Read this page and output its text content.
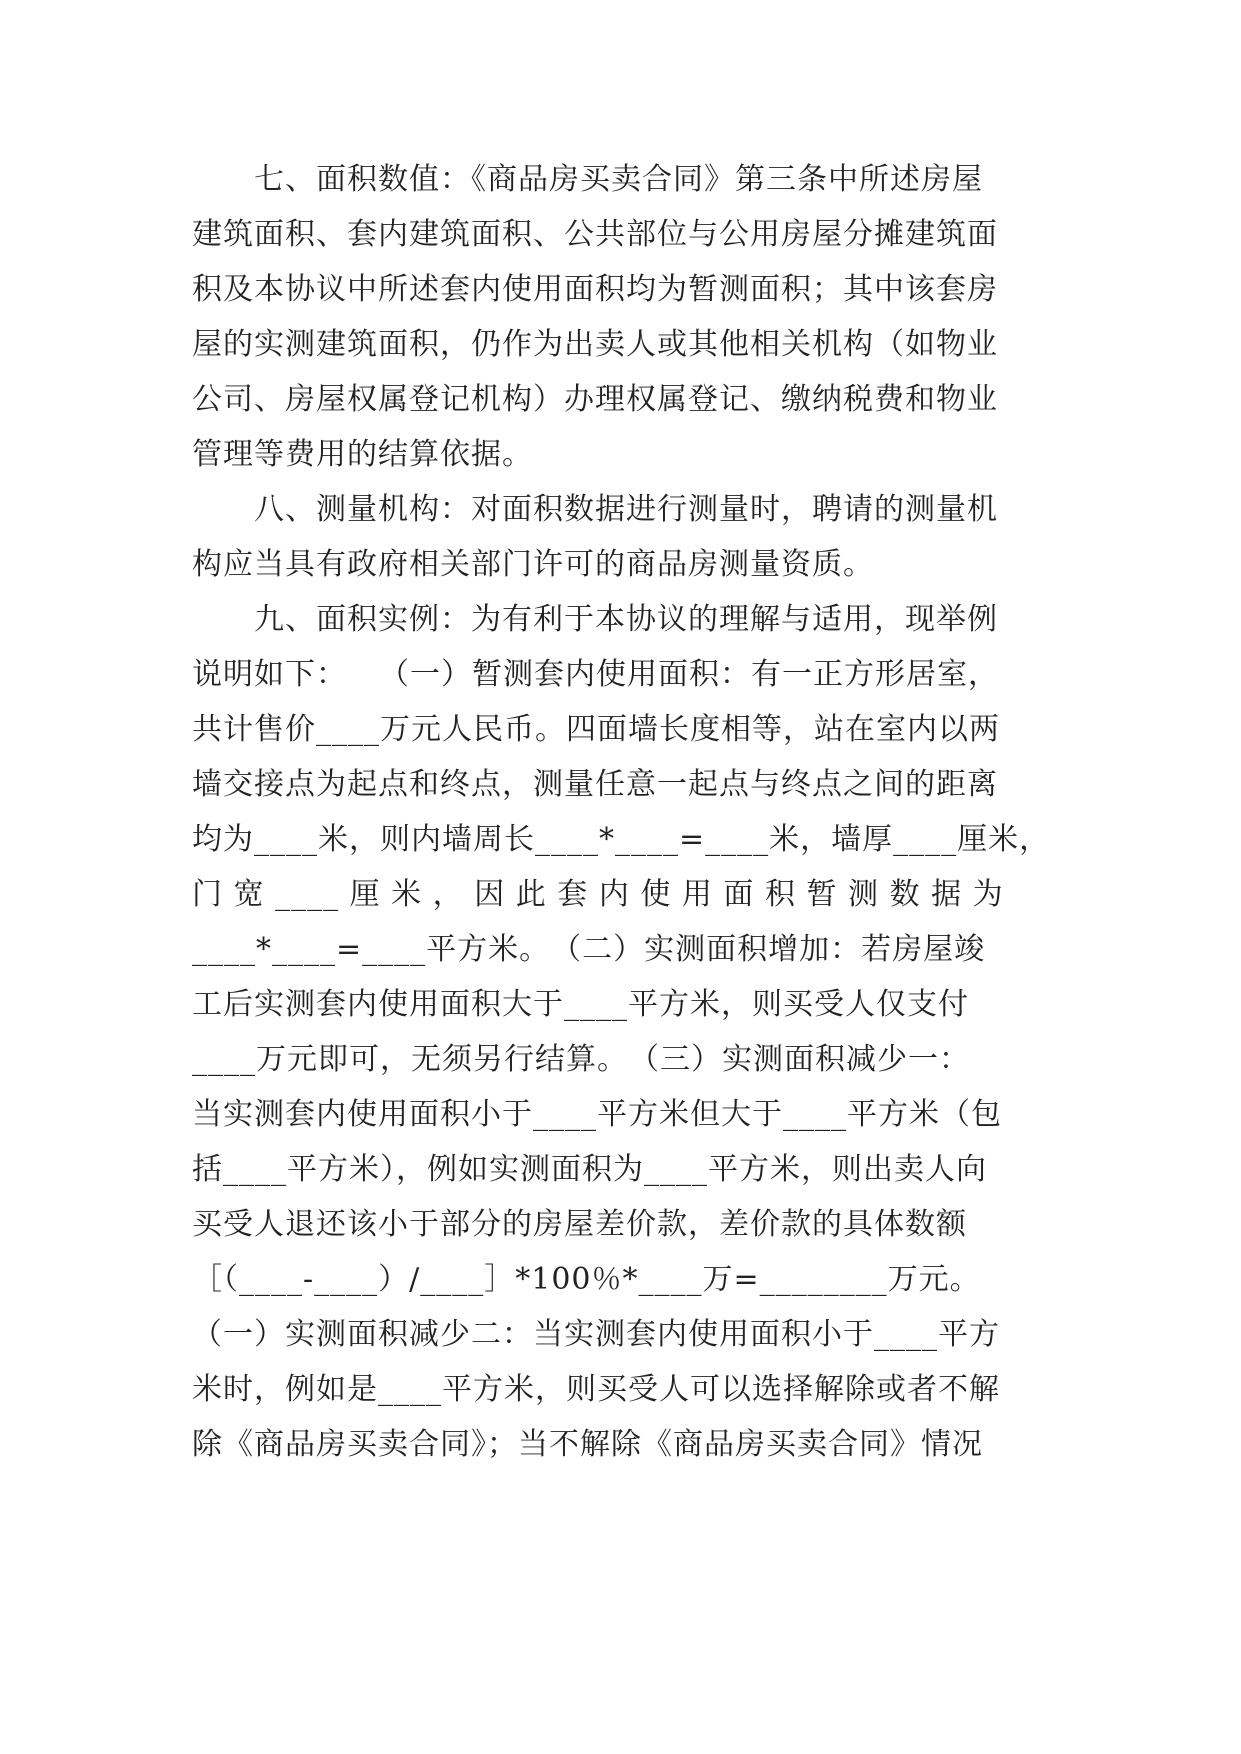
　　七、面积数值：《商品房买卖合同》第三条中所述房屋
建筑面积、套内建筑面积、公共部位与公用房屋分摊建筑面
积及本协议中所述套内使用面积均为暂测面积；其中该套房
屋的实测建筑面积，仍作为出卖人或其他相关机构（如物业
公司、房屋权属登记机构）办理权属登记、缴纳税费和物业
管理等费用的结算依据。
　　八、测量机构：对面积数据进行测量时，聘请的测量机
构应当具有政府相关部门许可的商品房测量资质。
　　九、面积实例：为有利于本协议的理解与适用，现举例
说明如下：　　（一）暂测套内使用面积：有一正方形居室，
共计售价____万元人民币。四面墙长度相等，站在室内以两
墙交接点为起点和终点，测量任意一起点与终点之间的距离
均为____米，则内墙周长____*____=____米，墙厚____厘米，
门 宽 ____ 厘 米 ， 因 此 套 内 使 用 面 积 暂 测 数 据 为
____*____=____平方米。　（二）实测面积增加：若房屋竣
工后实测套内使用面积大于____平方米，则买受人仅支付
____万元即可，无须另行结算。　（三）实测面积减少一：
当实测套内使用面积小于____平方米但大于____平方米（包
括____平方米），例如实测面积为____平方米，则出卖人向
买受人退还该小于部分的房屋差价款，差价款的具体数额
［（____-____）/____］*100％*____万=________万元。
（一）实测面积减少二：当实测套内使用面积小于____平方
米时，例如是____平方米，则买受人可以选择解除或者不解
除《商品房买卖合同》；当不解除《商品房买卖合同》情况
